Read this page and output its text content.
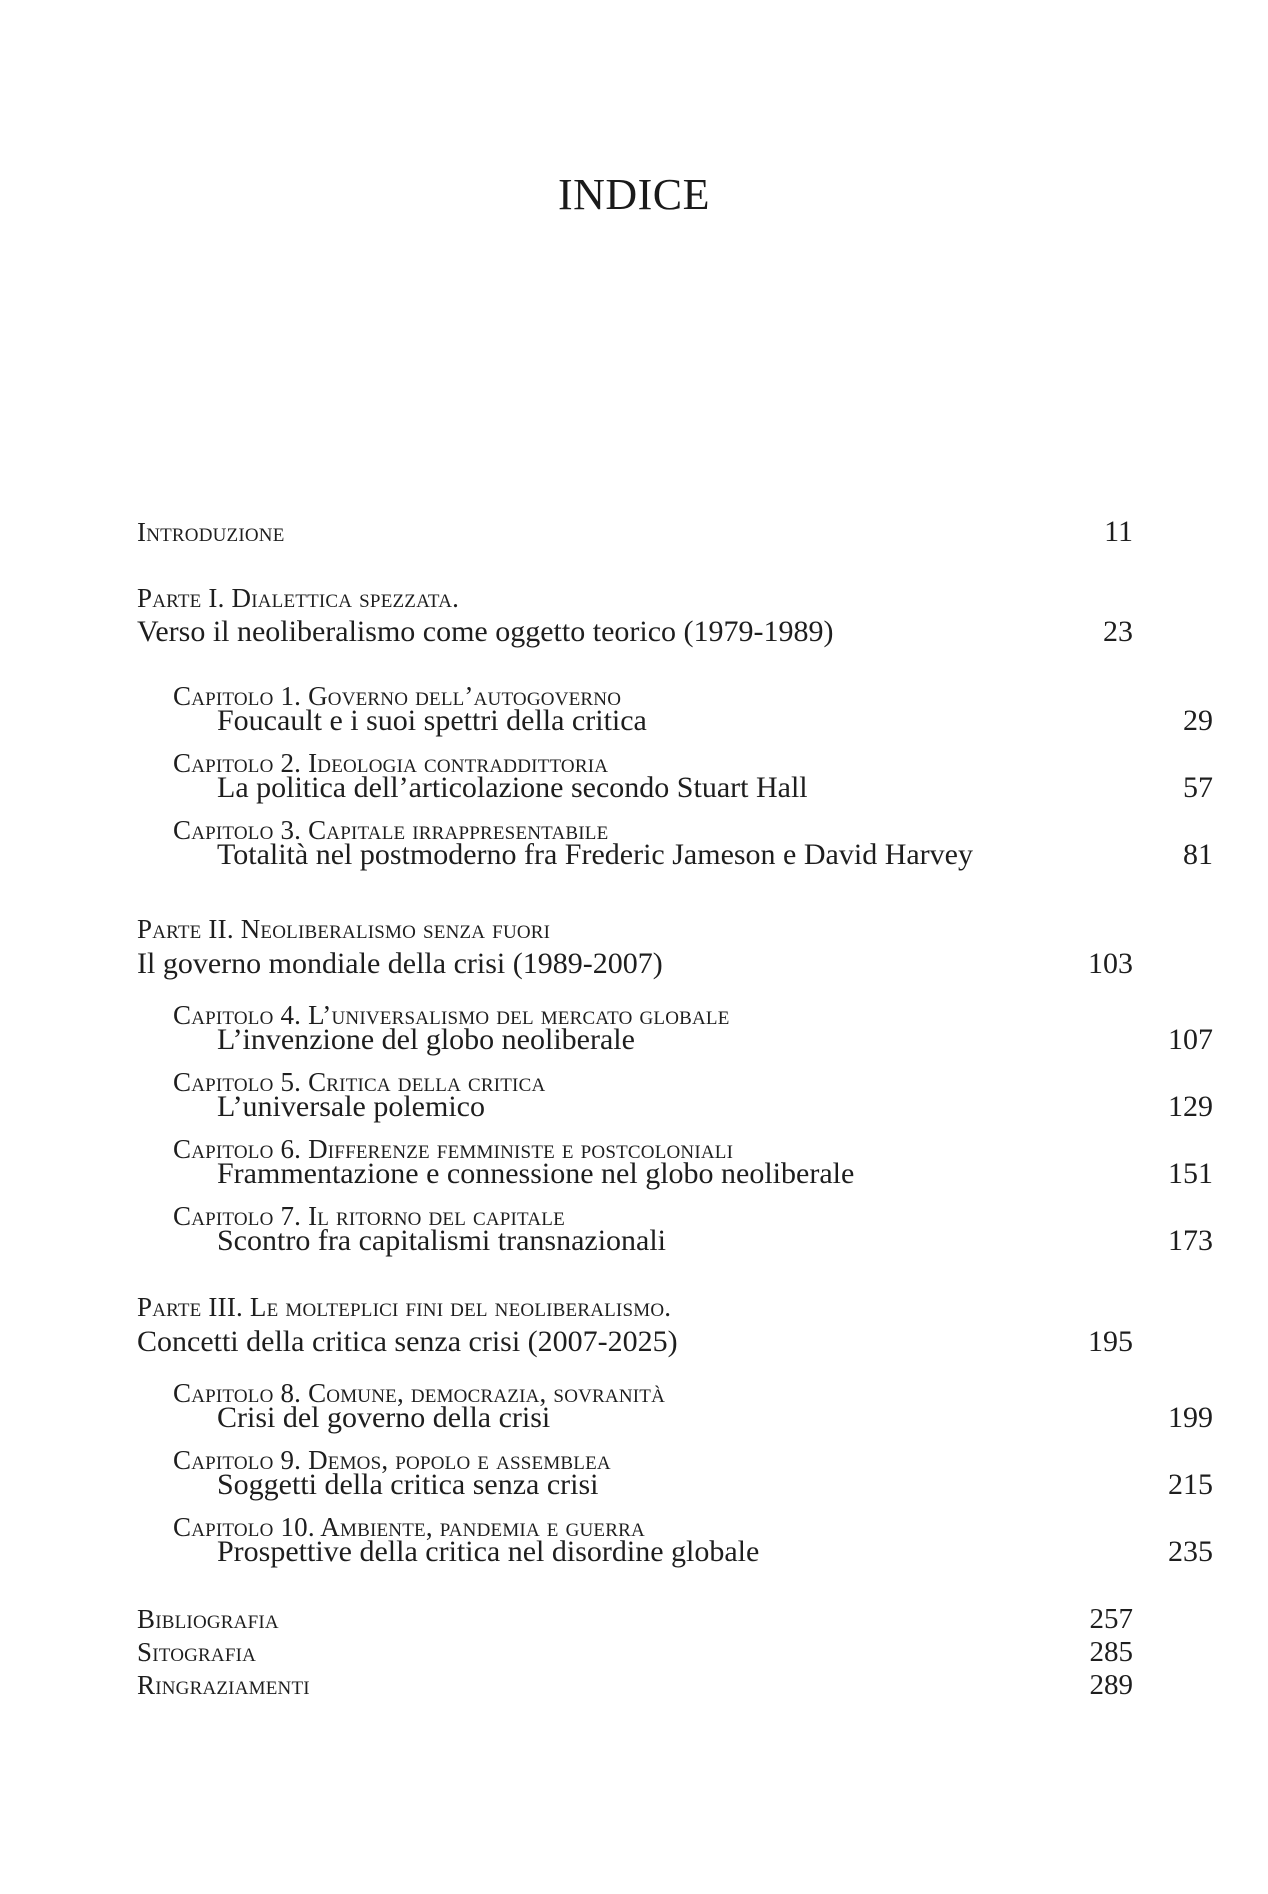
INDICE
Introduzione	11
Parte I. Dialettica spezzata.
Verso il neoliberalismo come oggetto teorico (1979-1989)	23
Capitolo 1. Governo dell’autogoverno
Foucault e i suoi spettri della critica	29
Capitolo 2. Ideologia contraddittoria
La politica dell’articolazione secondo Stuart Hall	57
Capitolo 3. Capitale irrappresentabile
Totalità nel postmoderno fra Frederic Jameson e David Harvey	81
Parte II. Neoliberalismo senza fuori
Il governo mondiale della crisi (1989-2007)	103
Capitolo 4. L’universalismo del mercato globale
L’invenzione del globo neoliberale	107
Capitolo 5. Critica della critica
L’universale polemico	129
Capitolo 6. Differenze femministe e postcoloniali
Frammentazione e connessione nel globo neoliberale	151
Capitolo 7. Il ritorno del capitale
Scontro fra capitalismi transnazionali	173
Parte III. Le molteplici fini del neoliberalismo.
Concetti della critica senza crisi (2007-2025)	195
Capitolo 8. Comune, democrazia, sovranità
Crisi del governo della crisi	199
Capitolo 9. Demos, popolo e assemblea
Soggetti della critica senza crisi	215
Capitolo 10. Ambiente, pandemia e guerra
Prospettive della critica nel disordine globale	235
Bibliografia	257
Sitografia	285
Ringraziamenti	289
